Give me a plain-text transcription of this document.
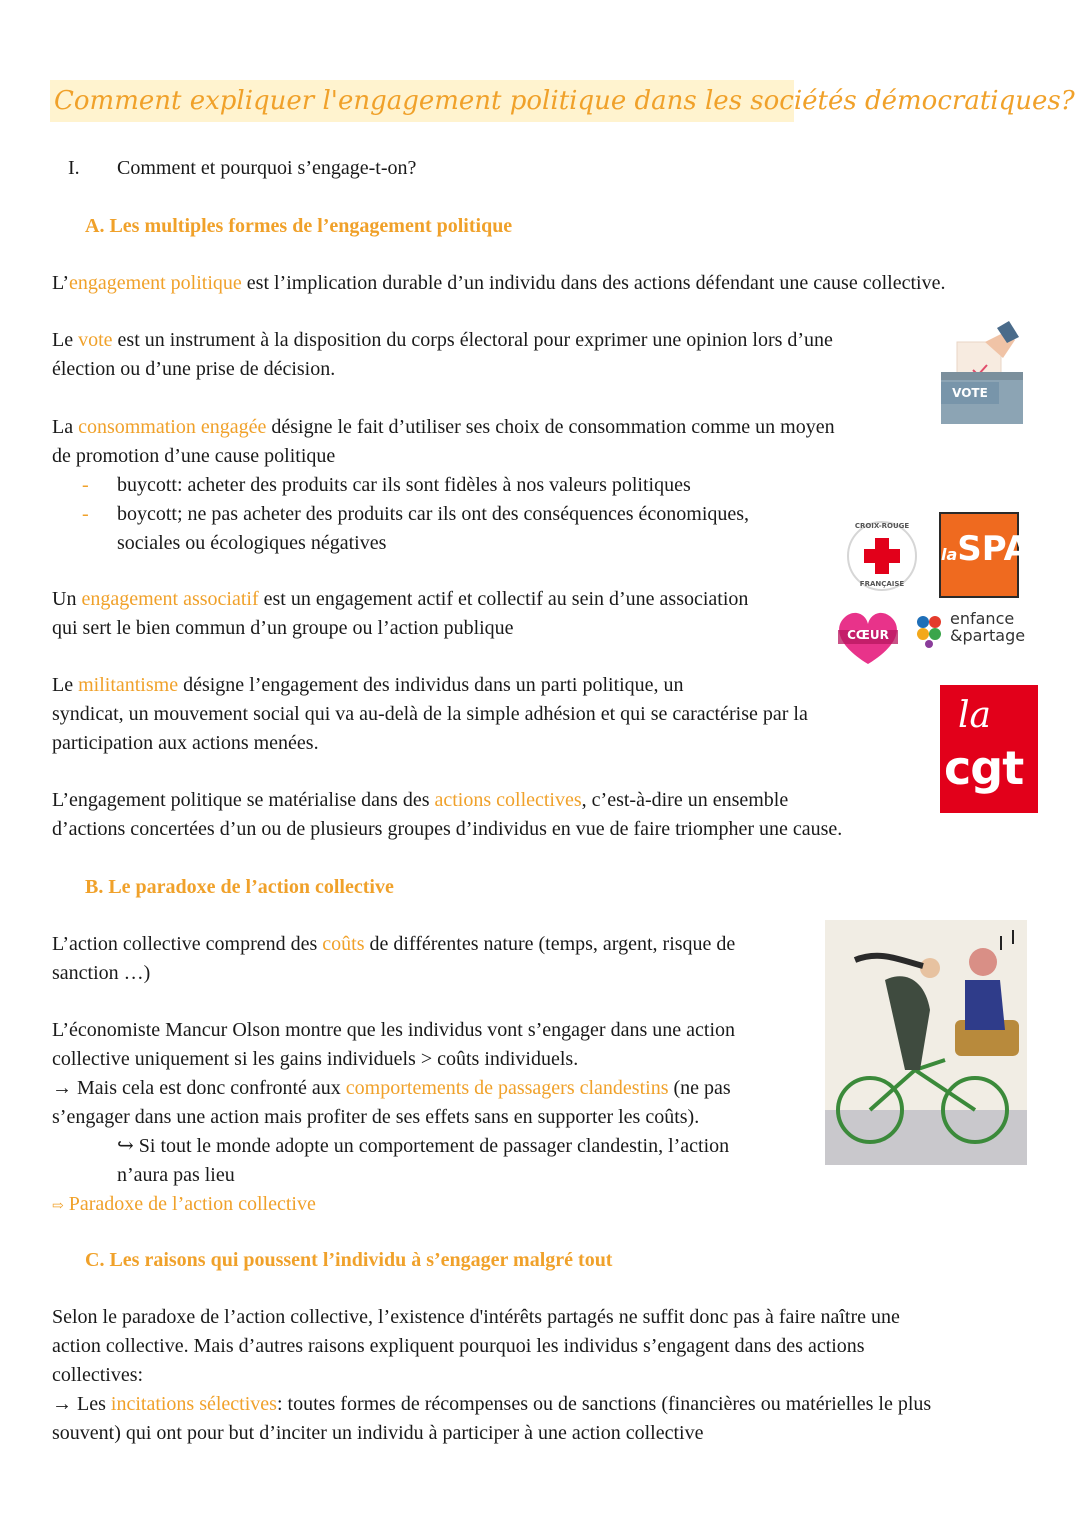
Comment expliquer l'engagement politique dans les sociétés démocratiques?
I. Comment et pourquoi s’engage-t-on?
A. Les multiples formes de l’engagement politique
L’engagement politique est l’implication durable d’un individu dans des actions défendant une cause collective.
Le vote est un instrument à la disposition du corps électoral pour exprimer une opinion lors d’une
élection ou d’une prise de décision.
La consommation engagée désigne le fait d’utiliser ses choix de consommation comme un moyen
de promotion d’une cause politique
- buycott: acheter des produits car ils sont fidèles à nos valeurs politiques
- boycott; ne pas acheter des produits car ils ont des conséquences économiques,
sociales ou écologiques négatives
Un engagement associatif est un engagement actif et collectif au sein d’une association
qui sert le bien commun d’un groupe ou l’action publique
Le militantisme désigne l’engagement des individus dans un parti politique, un
syndicat, un mouvement social qui va au-delà de la simple adhésion et qui se caractérise par la
participation aux actions menées.
L’engagement politique se matérialise dans des actions collectives, c’est-à-dire un ensemble
d’actions concertées d’un ou de plusieurs groupes d’individus en vue de faire triompher une cause.
B. Le paradoxe de l’action collective
L’action collective comprend des coûts de différentes nature (temps, argent, risque de
sanction …)
L’économiste Mancur Olson montre que les individus vont s’engager dans une action
collective uniquement si les gains individuels > coûts individuels.
→ Mais cela est donc confronté aux comportements de passagers clandestins (ne pas
s’engager dans une action mais profiter de ses effets sans en supporter les coûts).
↪ Si tout le monde adopte un comportement de passager clandestin, l’action
n’aura pas lieu
⇨ Paradoxe de l’action collective
C. Les raisons qui poussent l’individu à s’engager malgré tout
Selon le paradoxe de l’action collective, l’existence d'intérêts partagés ne suffit donc pas à faire naître une
action collective. Mais d’autres raisons expliquent pourquoi les individus s’engagent dans des actions
collectives:
→ Les incitations sélectives: toutes formes de récompenses ou de sanctions (financières ou matérielles le plus
souvent) qui ont pour but d’inciter un individu à participer à une action collective
VOTE
CROIX-ROUGE
FRANÇAISE
laSPA
CŒUR
enfance
&partage
la
cgt
